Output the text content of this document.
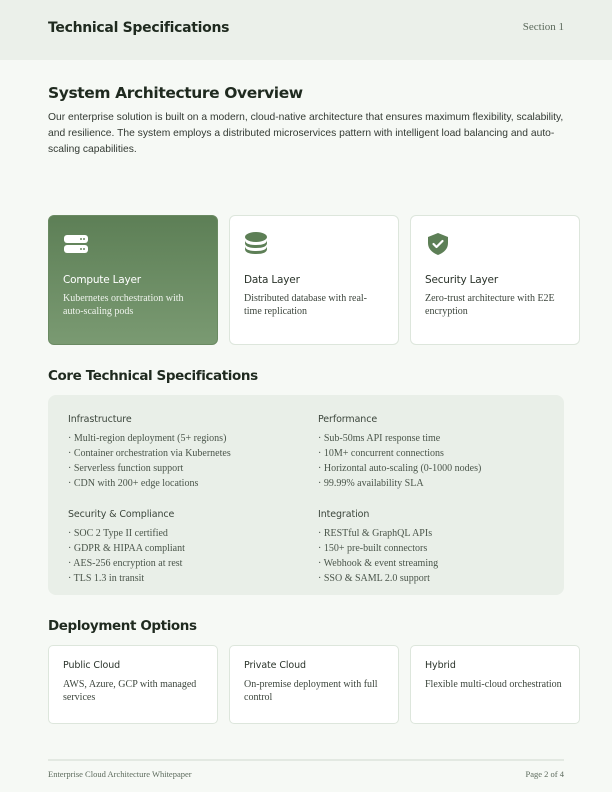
Technical Specifications	Section 1
System Architecture Overview

Our enterprise solution is built on a modern, cloud-native architecture that ensures maximum flexibility, scalability, and resilience. The system employs a distributed microservices pattern with intelligent load balancing and auto-scaling capabilities.

Compute Layer
Kubernetes orchestration with auto-scaling pods
Data Layer
Distributed database with real-time replication
Security Layer
Zero-trust architecture with E2E encryption
Core Technical Specifications
Infrastructure
· Multi-region deployment (5+ regions)
· Container orchestration via Kubernetes
· Serverless function support
· CDN with 200+ edge locations
Performance
· Sub-50ms API response time
· 10M+ concurrent connections
· Horizontal auto-scaling (0-1000 nodes)
· 99.99% availability SLA
Security & Compliance
· SOC 2 Type II certified
· GDPR & HIPAA compliant
· AES-256 encryption at rest
· TLS 1.3 in transit
Integration
· RESTful & GraphQL APIs
· 150+ pre-built connectors
· Webhook & event streaming
· SSO & SAML 2.0 support
Deployment Options
Public Cloud
AWS, Azure, GCP with managed services
Private Cloud
On-premise deployment with full control
Hybrid
Flexible multi-cloud orchestration
Enterprise Cloud Architecture Whitepaper	Page 2 of 4
